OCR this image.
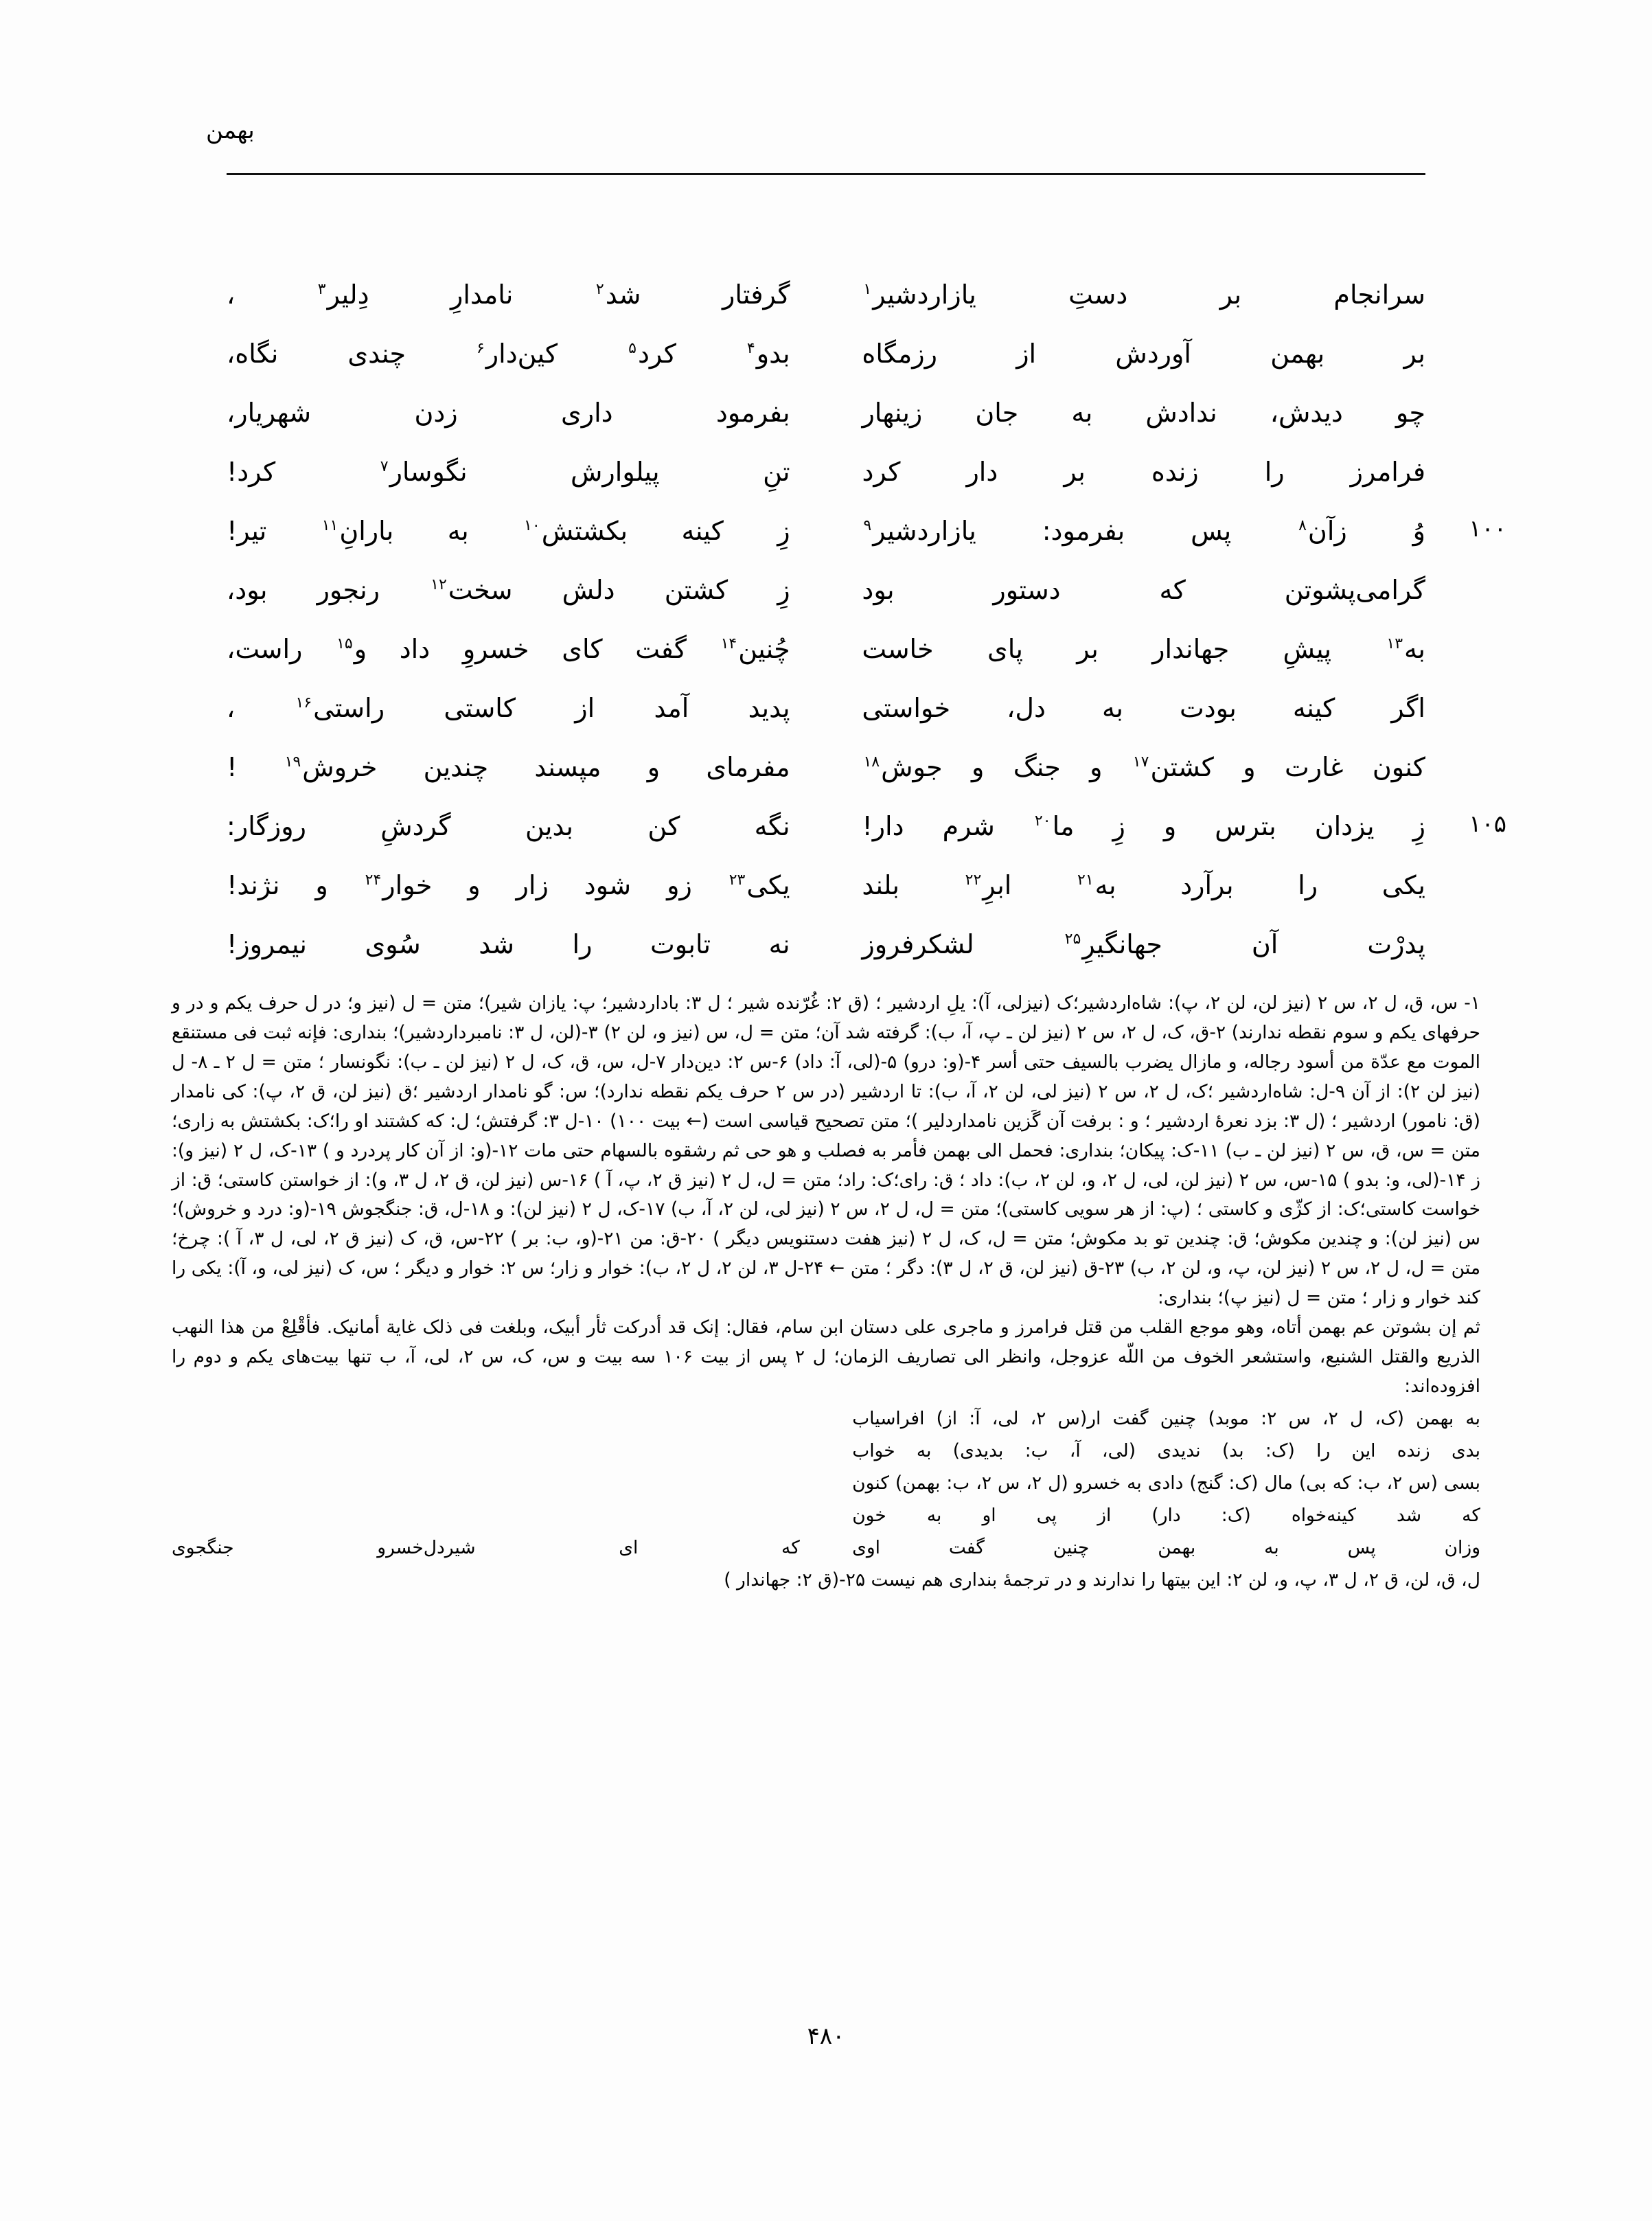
بهمن
سرانجام
بر
دستِ
یازاردشیر$^۱$
گرفتار
شد$^۲$
نامدارِ
دِلیر$^۳$
،
بر
بهمن
آوردش
از
رزمگاه
بدو$^۴$
کرد$^۵$
کین‌دار$^۶$
چندی
نگاه،
چو
دیدش،
ندادش
به
جان
زینهار
بفرمود
داری
زدن
شهریار،
فرامرز
را
زنده
بر
دار
کرد
تنِ
پیلوارش
نگوسار$^۷$
کرد!
۱۰۰
وُ
زآن$^۸$
پس
بفرمود:
یازاردشیر$^۹$
زِ
کینه
بکشتش$^{۱۰}$
به
بارانِ$^{۱۱}$
تیر!
گرامی‌پشوتن
که
دستور
بود
زِ
کشتن
دلش
سخت$^{۱۲}$
رنجور
بود،
به$^{۱۳}$
پیشِ
جهاندار
بر
پای
خاست
چُنین$^{۱۴}$
گفت
کای
خسروِ
داد
و$^{۱۵}$
راست،
اگر
کینه
بودت
به
دل،
خواستی
پدید
آمد
از
کاستی
راستی$^{۱۶}$
،
کنون
غارت
و
کشتن$^{۱۷}$
و
جنگ
و
جوش$^{۱۸}$
مفرمای
و
مپسند
چندین
خروش$^{۱۹}$
!
۱۰۵
زِ
یزدان
بترس
و
زِ
ما$^{۲۰}$
شرم
دار!
نگه
کن
بدین
گردشِ
روزگار:
یکی
را
برآرد
به$^{۲۱}$
ابرِ$^{۲۲}$
بلند
یکی$^{۲۳}$
زو
شود
زار
و
خوار$^{۲۴}$
و
نژند!
پدرْت
آن
جهانگیرِ$^{۲۵}$
لشکرفروز
نه
تابوت
را
شد
سُوی
نیمروز!

۱- س، ق، ل ۲، س ۲ (نیز لن، لن ۲، پ): شاه‌اردشیر؛ک (نیزلی، آ): یلِ اردشیر ؛ (ق ۲: غُرّنده شیر ؛ ل ۳: باداردشیر؛ پ: یازان شیر)؛ متن = ل (نیز و؛ در ل حرف یکم و در و حرفهای یکم و سوم نقطه ندارند) ۲-ق، ک، ل ۲، س ۲ (نیز لن ـ پ، آ، ب): گرفته شد آن؛ متن = ل، س (نیز و، لن ۲) ۳-(لن، ل ۳: نامبرداردشیر)؛ بنداری: فإنه ثبت فی مستنقع الموت مع عدّة من أسود رجاله، و مازال یضرب بالسیف حتی أسر ۴-(و: درو) ۵-(لی، آ: داد) ۶-س ۲: دین‌دار ۷-ل، س، ق، ک، ل ۲ (نیز لن ـ ب): نگونسار ؛ متن = ل ۲ ـ ۸- ل (نیز لن ۲): از آن ۹-ل: شاه‌اردشیر ؛ک، ل ۲، س ۲ (نیز لی، لن ۲، آ، ب): تا اردشیر (در س ۲ حرف یکم نقطه ندارد)؛ س: گو نامدار اردشیر ؛ق (نیز لن، ق ۲، پ): کی نامدار (ق: نامور) اردشیر ؛ (ل ۳: بزد نعرهٔ اردشیر ؛ و : برفت آن گَزین نامداردلیر )؛ متن تصحیح قیاسی است (← بیت ۱۰۰) ۱۰-ل ۳: گرفتش؛ ل: که کشتند او را؛ک: بکشتش به زاری؛ متن = س، ق، س ۲ (نیز لن ـ ب) ۱۱-ک: پیکان؛ بنداری: فحمل الی بهمن فأمر به فصلب و هو حی ثم رشقوه بالسهام حتی مات ۱۲-(و: از آن کار پردرد و ) ۱۳-ک، ل ۲ (نیز و): ز ۱۴-(لی، و: بدو ) ۱۵-س، س ۲ (نیز لن، لی، ل ۲، و، لن ۲، ب): داد ؛ ق: رای؛ک: راد؛ متن = ل، ل ۲ (نیز ق ۲، پ، آ ) ۱۶-س (نیز لن، ق ۲، ل ۳، و): از خواستن کاستی؛ ق: از خواست کاستی؛ک: از کژّی و کاستی ؛ (پ: از هر سویی کاستی)؛ متن = ل، ل ۲، س ۲ (نیز لی، لن ۲، آ، ب) ۱۷-ک، ل ۲ (نیز لن): و ۱۸-ل، ق: جنگجوش ۱۹-(و: درد و خروش)؛ س (نیز لن): و چندین مکوش؛ ق: چندین تو بد مکوش؛ متن = ل، ک، ل ۲ (نیز هفت دستنویس دیگر ) ۲۰-ق: من ۲۱-(و، ب: بر ) ۲۲-س، ق، ک (نیز ق ۲، لی، ل ۳، آ ): چرخ؛ متن = ل، ل ۲، س ۲ (نیز لن، پ، و، لن ۲، ب) ۲۳-ق (نیز لن، ق ۲، ل ۳): دگر ؛ متن ← ۲۴-ل ۳، لن ۲، ل ۲، ب): خوار و زار؛ س ۲: خوار و دیگر ؛ س، ک (نیز لی، و، آ): یکی را کند خوار و زار ؛ متن = ل (نیز پ)؛ بنداری:

ثم إن بشوتن عم بهمن أتاه، وهو موجع القلب من قتل فرامرز و ماجری علی دستان ابن سام، فقال: إنک قد أدرکت ثأر أبیک، وبلغت فی ذلک غایة أمانیک. فأقْلِعْ من هذا النهب الذریع والقتل الشنیع، واستشعر الخوف من اللّه عزوجل، وانظر الی تصاریف الزمان؛ ل ۲ پس از بیت ۱۰۶ سه بیت و س، ک، س ۲، لی، آ، ب تنها بیت‌های یکم و دوم را افزوده‌اند:

به
بهمن
(ک،
ل
۲،
س
۲:
موبد)
چنین
گفت
ار(س
۲،
لی،
آ:
از)
افراسیاب
بدی
زنده
این
را
(ک:
بد)
ندیدی
(لی،
آ،
ب:
بدیدی)
به
خواب
بسی
(س
۲،
ب:
که
بی)
مال
(ک:
گنج)
دادی
به
خسرو
(ل
۲،
س
۲،
ب:
بهمن)
کنون
که
شد
کینه‌خواه
(ک:
دار)
از
پی
او
به
خون
وزان
پس
به
بهمن
چنین
گفت
اوی
که
ای
شیردل‌خسرو
جنگجوی

ل، ق، لن، ق ۲، ل ۳، پ، و، لن ۲: این بیتها را ندارند و در ترجمهٔ بنداری هم نیست ۲۵-(ق ۲: جهاندار )

۴۸۰
